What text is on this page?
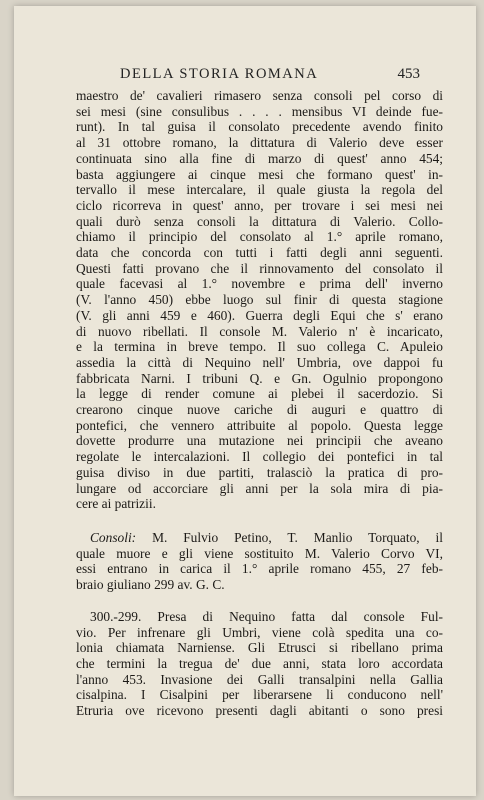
DELLA STORIA ROMANA	453
maestro de' cavalieri rimasero senza consoli pel corso di
sei mesi (sine consulibus . . . . mensibus VI deinde fue-
runt). In tal guisa il consolato precedente avendo finito
al 31 ottobre romano, la dittatura di Valerio deve esser
continuata sino alla fine di marzo di quest' anno 454;
basta aggiungere ai cinque mesi che formano quest' in-
tervallo il mese intercalare, il quale giusta la regola del
ciclo ricorreva in quest' anno, per trovare i sei mesi nei
quali durò senza consoli la dittatura di Valerio. Collo-
chiamo il principio del consolato al 1.° aprile romano,
data che concorda con tutti i fatti degli anni seguenti.
Questi fatti provano che il rinnovamento del consolato il
quale facevasi al 1.° novembre e prima dell' inverno
(V. l'anno 450) ebbe luogo sul finir di questa stagione
(V. gli anni 459 e 460). Guerra degli Equi che s' erano
di nuovo ribellati. Il console M. Valerio n' è incaricato,
e la termina in breve tempo. Il suo collega C. Apuleio
assedia la città di Nequino nell' Umbria, ove dappoi fu
fabbricata Narni. I tribuni Q. e Gn. Ogulnio propongono
la legge di render comune ai plebei il sacerdozio. Si
crearono cinque nuove cariche di auguri e quattro di
pontefici, che vennero attribuite al popolo. Questa legge
dovette produrre una mutazione nei principii che aveano
regolate le intercalazioni. Il collegio dei pontefici in tal
guisa diviso in due partiti, tralasciò la pratica di pro-
lungare od accorciare gli anni per la sola mira di pia-
cere ai patrizii.
Consoli: M. Fulvio Petino, T. Manlio Torquato, il
quale muore e gli viene sostituito M. Valerio Corvo VI,
essi entrano in carica il 1.° aprile romano 455, 27 feb-
braio giuliano 299 av. G. C.
300.-299. Presa di Nequino fatta dal console Ful-
vio. Per infrenare gli Umbri, viene colà spedita una co-
lonia chiamata Narniense. Gli Etrusci si ribellano prima
che termini la tregua de' due anni, stata loro accordata
l'anno 453. Invasione dei Galli transalpini nella Gallia
cisalpina. I Cisalpini per liberarsene li conducono nell'
Etruria ove ricevono presenti dagli abitanti o sono presi
